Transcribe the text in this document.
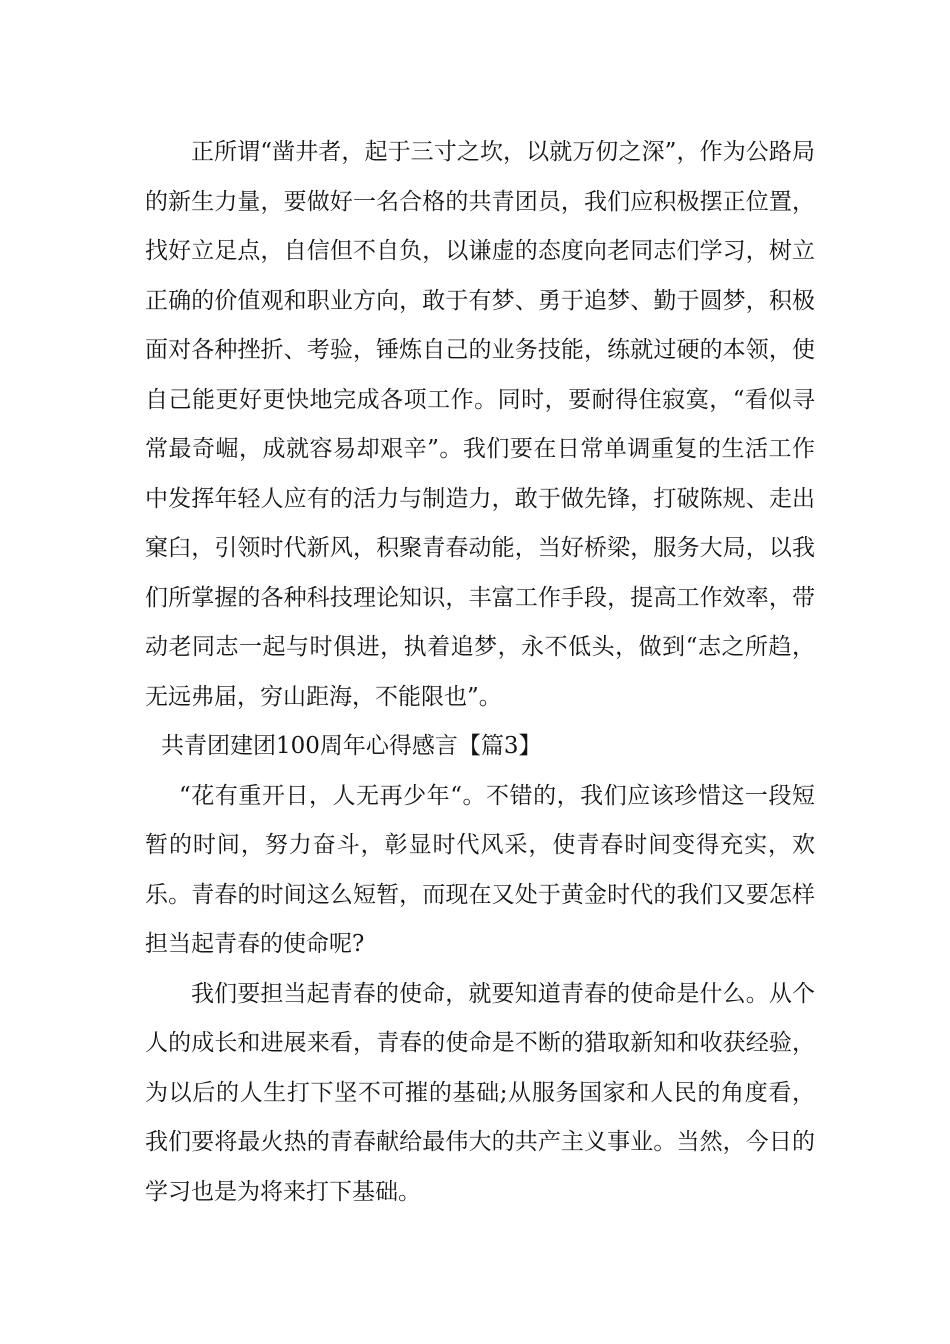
正所谓“凿井者，起于三寸之坎，以就万仞之深”，作为公路局的新生力量，要做好一名合格的共青团员，我们应积极摆正位置，找好立足点，自信但不自负，以谦虚的态度向老同志们学习，树立正确的价值观和职业方向，敢于有梦、勇于追梦、勤于圆梦，积极面对各种挫折、考验，锤炼自己的业务技能，练就过硬的本领，使自己能更好更快地完成各项工作。同时，要耐得住寂寞，“看似寻常最奇崛，成就容易却艰辛”。我们要在日常单调重复的生活工作中发挥年轻人应有的活力与制造力，敢于做先锋，打破陈规、走出窠臼，引领时代新风，积聚青春动能，当好桥梁，服务大局，以我们所掌握的各种科技理论知识，丰富工作手段，提高工作效率，带动老同志一起与时俱进，执着追梦，永不低头，做到“志之所趋，无远弗届，穷山距海，不能限也”。

共青团建团100周年心得感言【篇3】

“花有重开日，人无再少年“。不错的，我们应该珍惜这一段短暂的时间，努力奋斗，彰显时代风采，使青春时间变得充实，欢乐。青春的时间这么短暂，而现在又处于黄金时代的我们又要怎样担当起青春的使命呢?

我们要担当起青春的使命，就要知道青春的使命是什么。从个人的成长和进展来看，青春的使命是不断的猎取新知和收获经验，为以后的人生打下坚不可摧的基础;从服务国家和人民的角度看，我们要将最火热的青春献给最伟大的共产主义事业。当然，今日的学习也是为将来打下基础。
